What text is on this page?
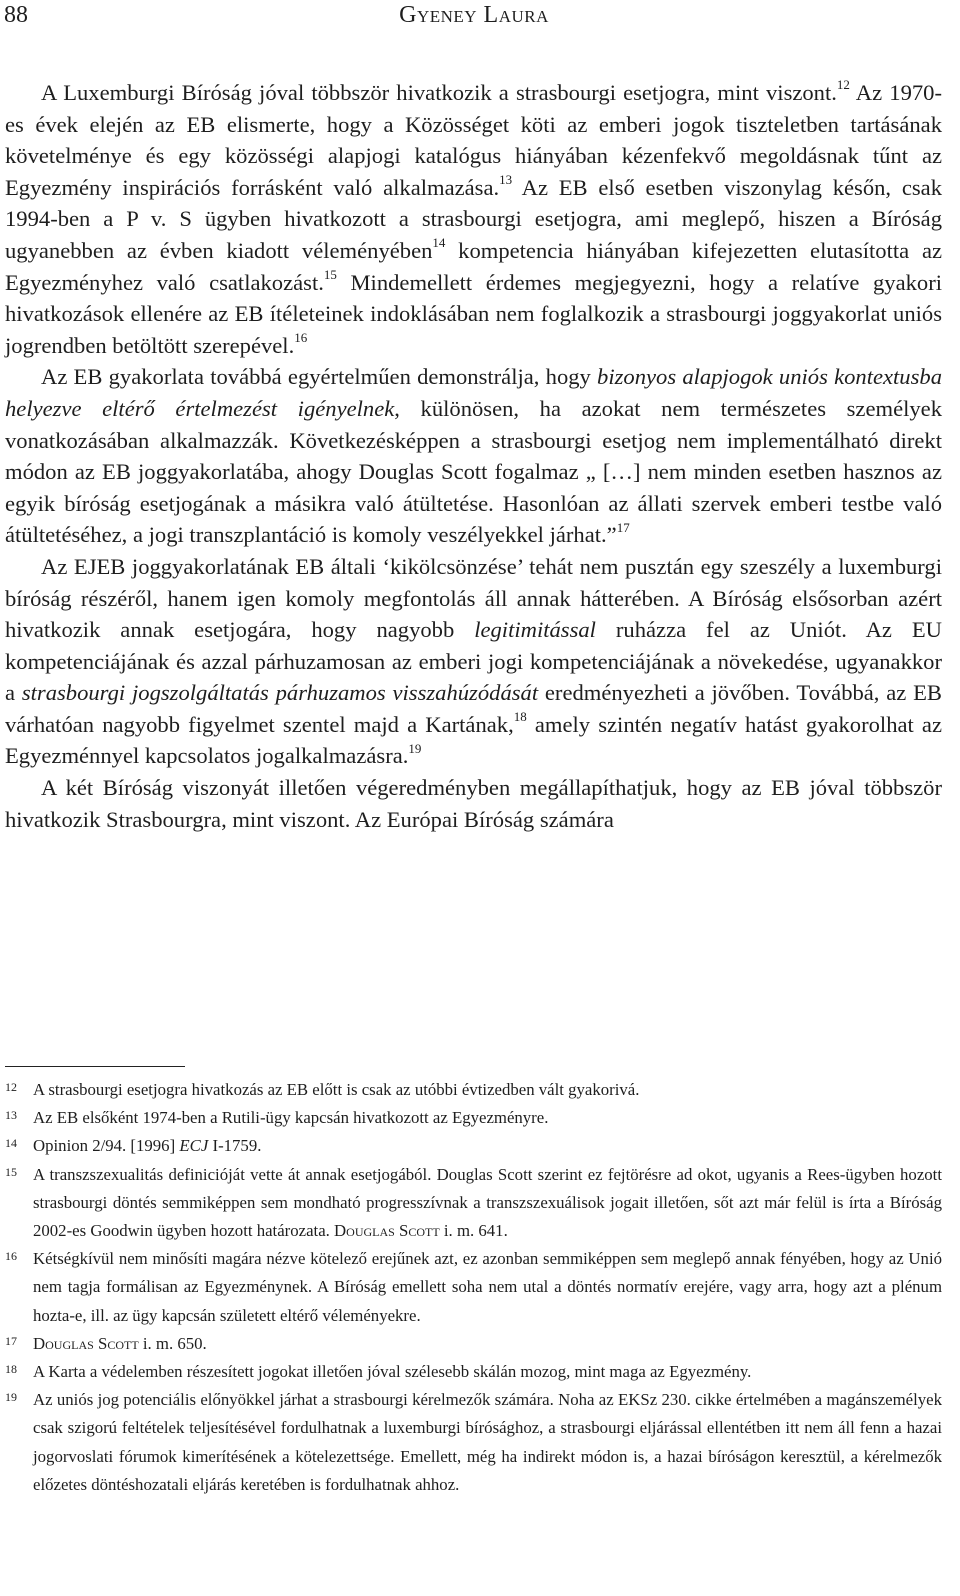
88	Gyeney Laura

A Luxemburgi Bíróság jóval többször hivatkozik a strasbourgi esetjogra, mint viszont.$^{12}$ Az 1970-es évek elején az EB elismerte, hogy a Közösséget köti az emberi jogok tiszteletben tartásának követelménye és egy közösségi alapjogi katalógus hiányában kézenfekvő megoldásnak tűnt az Egyezmény inspirációs forrásként való alkalmazása.$^{13}$ Az EB első esetben viszonylag későn, csak 1994-ben a P v. S ügyben hivatkozott a strasbourgi esetjogra, ami meglepő, hiszen a Bíróság ugyanebben az évben kiadott véleményében$^{14}$ kompetencia hiányában kifejezetten elutasította az Egyezményhez való csatlakozást.$^{15}$ Mindemellett érdemes megjegyezni, hogy a relatíve gyakori hivatkozások ellenére az EB ítéleteinek indoklásában nem foglalkozik a strasbourgi joggyakorlat uniós jogrendben betöltött szerepével.$^{16}$

Az EB gyakorlata továbbá egyértelműen demonstrálja, hogy bizonyos alapjogok uniós kontextusba helyezve eltérő értelmezést igényelnek, különösen, ha azokat nem természetes személyek vonatkozásában alkalmazzák. Következésképpen a strasbourgi esetjog nem implementálható direkt módon az EB joggyakorlatába, ahogy Douglas Scott fogalmaz „ […] nem minden esetben hasznos az egyik bíróság esetjogának a másikra való átültetése. Hasonlóan az állati szervek emberi testbe való átültetéséhez, a jogi transzplantáció is komoly veszélyekkel járhat.”$^{17}$

Az EJEB joggyakorlatának EB általi ‘kikölcsönzése’ tehát nem pusztán egy szeszély a luxemburgi bíróság részéről, hanem igen komoly megfontolás áll annak hátterében. A Bíróság elsősorban azért hivatkozik annak esetjogára, hogy nagyobb legitimitással ruházza fel az Uniót. Az EU kompetenciájának és azzal párhuzamosan az emberi jogi kompetenciájának a növekedése, ugyanakkor a strasbourgi jogszolgáltatás párhuzamos visszahúzódását eredményezheti a jövőben. Továbbá, az EB várhatóan nagyobb figyelmet szentel majd a Kartának,$^{18}$ amely szintén negatív hatást gyakorolhat az Egyezménnyel kapcsolatos jogalkalmazásra.$^{19}$

A két Bíróság viszonyát illetően végeredményben megállapíthatjuk, hogy az EB jóval többször hivatkozik Strasbourgra, mint viszont. Az Európai Bíróság számára

12 A strasbourgi esetjogra hivatkozás az EB előtt is csak az utóbbi évtizedben vált gyakorivá.
13 Az EB elsőként 1974-ben a Rutili-ügy kapcsán hivatkozott az Egyezményre.
14 Opinion 2/94. [1996] ECJ I-1759.
15 A transzszexualitás definicióját vette át annak esetjogából. Douglas Scott szerint ez fejtörésre ad okot, ugyanis a Rees-ügyben hozott strasbourgi döntés semmiképpen sem mondható progresszívnak a transzszexuálisok jogait illetően, sőt azt már felül is írta a Bíróság 2002-es Goodwin ügyben hozott határozata. Douglas Scott i. m. 641.
16 Kétségkívül nem minősíti magára nézve kötelező erejűnek azt, ez azonban semmiképpen sem meglepő annak fényében, hogy az Unió nem tagja formálisan az Egyezménynek. A Bíróság emellett soha nem utal a döntés normatív erejére, vagy arra, hogy azt a plénum hozta-e, ill. az ügy kapcsán született eltérő véleményekre.
17 Douglas Scott i. m. 650.
18 A Karta a védelemben részesített jogokat illetően jóval szélesebb skálán mozog, mint maga az Egyezmény.
19 Az uniós jog potenciális előnyökkel járhat a strasbourgi kérelmezők számára. Noha az EKSz 230. cikke értelmében a magánszemélyek csak szigorú feltételek teljesítésével fordulhatnak a luxemburgi bírósághoz, a strasbourgi eljárással ellentétben itt nem áll fenn a hazai jogorvoslati fórumok kimerítésének a kötelezettsége. Emellett, még ha indirekt módon is, a hazai bíróságon keresztül, a kérelmezők előzetes döntéshozatali eljárás keretében is fordulhatnak ahhoz.
